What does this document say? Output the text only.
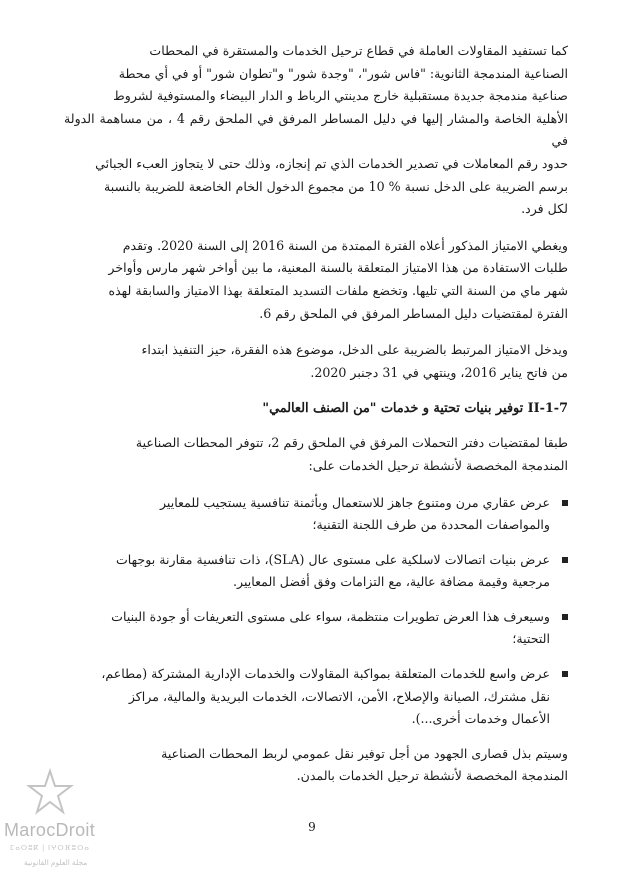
كما تستفيد المقاولات العاملة في قطاع ترحيل الخدمات والمستقرة في المحطات

الصناعية المندمجة الثانوية: "فاس شور"، "وجدة شور" و"تطوان شور" أو في أي محطة

صناعية مندمجة جديدة مستقبلية خارج مدينتي الرباط و الدار البيضاء والمستوفية لشروط

الأهلية الخاصة والمشار إليها في دليل المساطر المرفق في الملحق رقم 4 ، من مساهمة الدولة في

حدود رقم المعاملات في تصدير الخدمات الذي تم إنجازه، وذلك حتى لا يتجاوز العبء الجبائي

برسم الضريبة على الدخل نسبة % 10 من مجموع الدخول الخام الخاضعة للضريبة بالنسبة

لكل فرد.

ويغطي الامتياز المذكور أعلاه الفترة الممتدة من السنة 2016 إلى السنة 2020. وتقدم

طلبات الاستفادة من هذا الامتياز المتعلقة بالسنة المعنية، ما بين أواخر شهر مارس وأواخر

شهر ماي من السنة التي تليها. وتخضع ملفات التسديد المتعلقة بهذا الامتياز والسابقة لهذه

الفترة لمقتضيات دليل المساطر المرفق في الملحق رقم 6.

ويدخل الامتياز المرتبط بالضريبة على الدخل، موضوع هذه الفقرة، حيز التنفيذ ابتداء

من فاتح يناير 2016، وينتهي في 31 دجنبر 2020.

II-1-7 توفير بنيات تحتية و خدمات "من الصنف العالمي"

طبقا لمقتضيات دفتر التحملات المرفق في الملحق رقم 2، تتوفر المحطات الصناعية

المندمجة المخصصة لأنشطة ترحيل الخدمات على:

عرض عقاري مرن ومتنوع جاهز للاستعمال وبأثمنة تنافسية يستجيب للمعايير

والمواصفات المحددة من طرف اللجنة التقنية؛

عرض بنيات اتصالات لاسلكية على مستوى عال (SLA)، ذات تنافسية مقارنة بوجهات

مرجعية وقيمة مضافة عالية، مع التزامات وفق أفضل المعايير.

وسيعرف هذا العرض تطويرات منتظمة، سواء على مستوى التعريفات أو جودة البنيات

التحتية؛

عرض واسع للخدمات المتعلقة بمواكبة المقاولات والخدمات الإدارية المشتركة (مطاعم،

نقل مشترك، الصيانة والإصلاح، الأمن، الاتصالات، الخدمات البريدية والمالية، مراكز

الأعمال وخدمات أخرى...).

وسيتم بذل قصارى الجهود من أجل توفير نقل عمومي لربط المحطات الصناعية

المندمجة المخصصة لأنشطة ترحيل الخدمات بالمدن.

9
MarocDroit
ⵎⴰⵔⵓⴽ | ⵏⵖⵔⴼⵓⵔⴰ
مجلة العلوم القانونية
